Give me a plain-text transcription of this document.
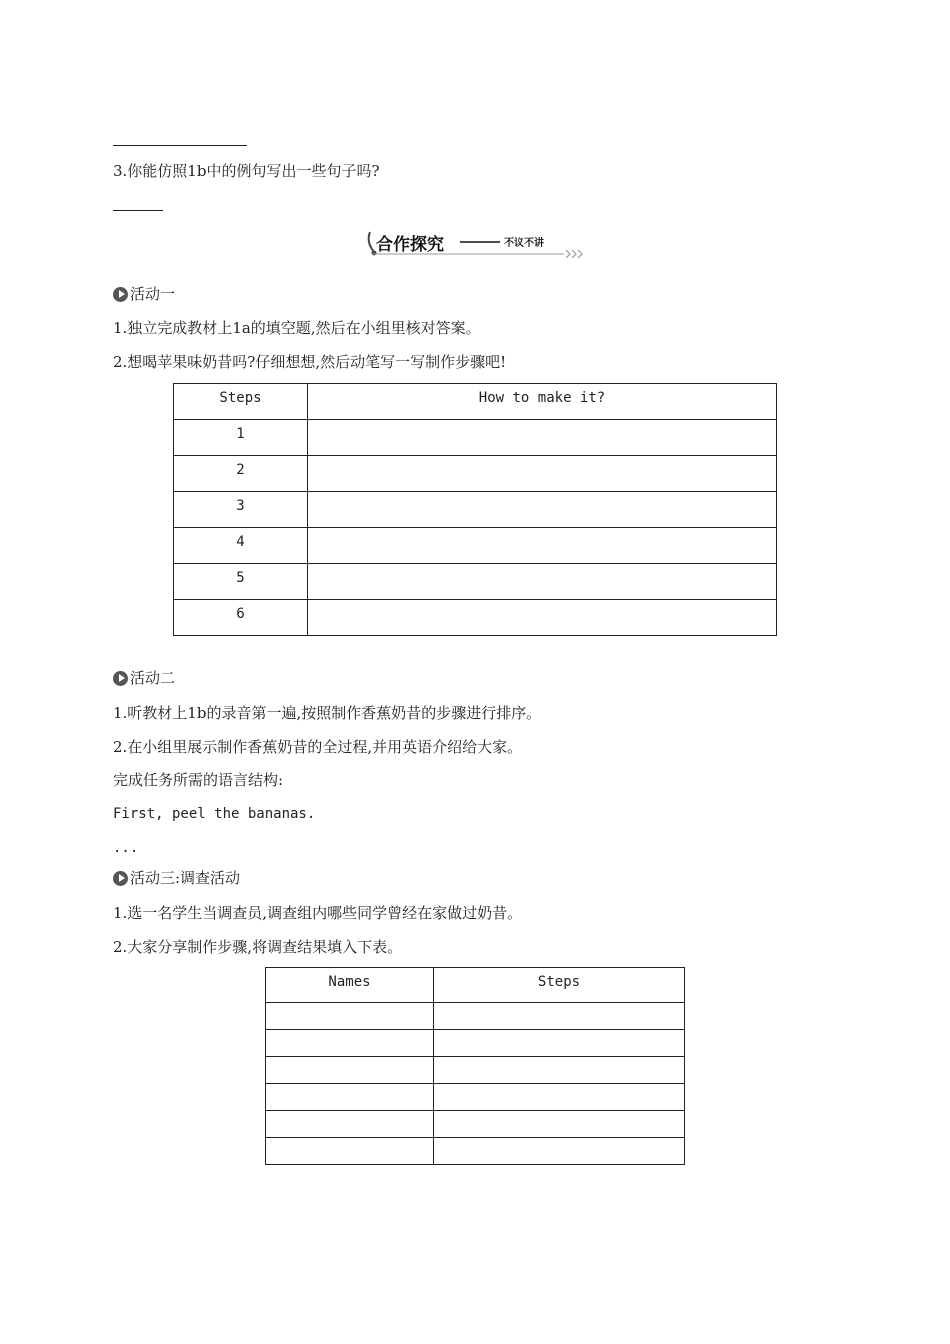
3.你能仿照1b中的例句写出一些句子吗?
合作探究	不议不讲
活动一
1.独立完成教材上1a的填空题,然后在小组里核对答案。
2.想喝苹果味奶昔吗?仔细想想,然后动笔写一写制作步骤吧!
Steps	How to make it?
1	
2	
3	
4	
5	
6	
活动二
1.听教材上1b的录音第一遍,按照制作香蕉奶昔的步骤进行排序。
2.在小组里展示制作香蕉奶昔的全过程,并用英语介绍给大家。
完成任务所需的语言结构:
First, peel the bananas.
...
活动三:调查活动
1.选一名学生当调查员,调查组内哪些同学曾经在家做过奶昔。
2.大家分享制作步骤,将调查结果填入下表。
Names	Steps
